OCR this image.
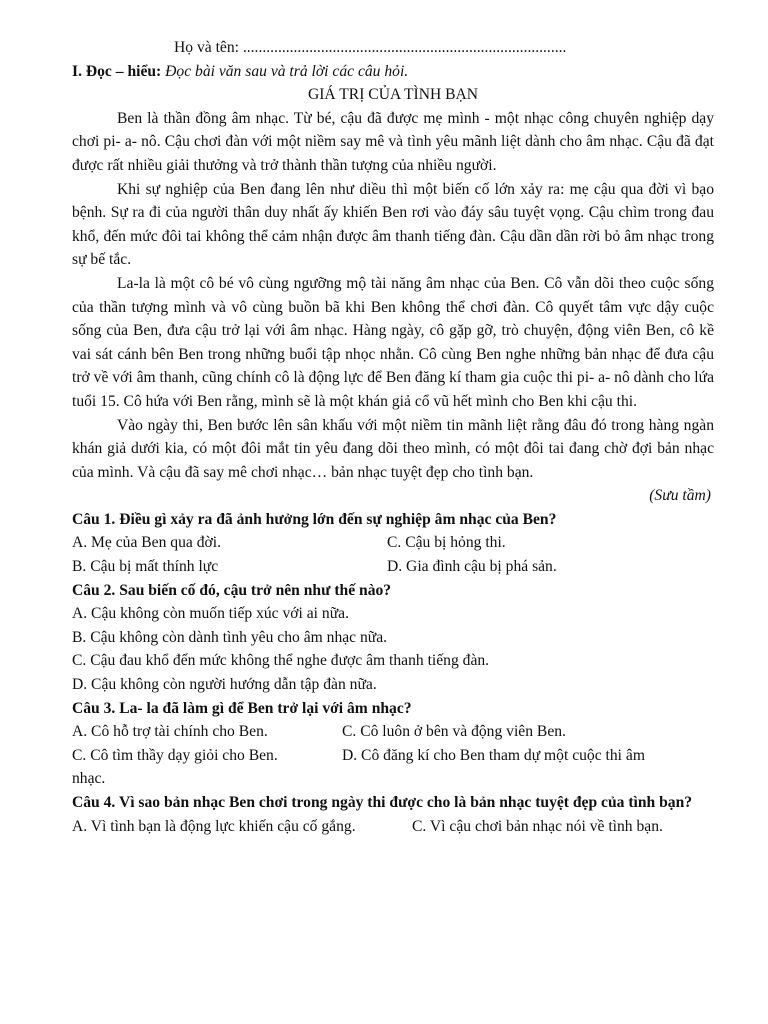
Họ và tên: ...................................................................................

I. Đọc – hiểu: Đọc bài văn sau và trả lời các câu hỏi.

GIÁ TRỊ CỦA TÌNH BẠN

Ben là thần đồng âm nhạc. Từ bé, cậu đã được mẹ mình - một nhạc công chuyên nghiệp dạy chơi pi- a- nô. Cậu chơi đàn với một niềm say mê và tình yêu mãnh liệt dành cho âm nhạc. Cậu đã đạt được rất nhiều giải thưởng và trở thành thần tượng của nhiều người.

Khi sự nghiệp của Ben đang lên như diều thì một biến cố lớn xảy ra: mẹ cậu qua đời vì bạo bệnh. Sự ra đi của người thân duy nhất ấy khiến Ben rơi vào đáy sâu tuyệt vọng. Cậu chìm trong đau khổ, đến mức đôi tai không thể cảm nhận được âm thanh tiếng đàn. Cậu dần dần rời bỏ âm nhạc trong sự bế tắc.

La-la là một cô bé vô cùng ngưỡng mộ tài năng âm nhạc của Ben. Cô vẫn dõi theo cuộc sống của thần tượng mình và vô cùng buồn bã khi Ben không thể chơi đàn. Cô quyết tâm vực dậy cuộc sống của Ben, đưa cậu trở lại với âm nhạc. Hàng ngày, cô gặp gỡ, trò chuyện, động viên Ben, cô kề vai sát cánh bên Ben trong những buổi tập nhọc nhằn. Cô cùng Ben nghe những bản nhạc để đưa cậu trở về với âm thanh, cũng chính cô là động lực để Ben đăng kí tham gia cuộc thi pi- a- nô dành cho lứa tuổi 15. Cô hứa với Ben rằng, mình sẽ là một khán giả cổ vũ hết mình cho Ben khi cậu thi.

Vào ngày thi, Ben bước lên sân khấu với một niềm tin mãnh liệt rằng đâu đó trong hàng ngàn khán giả dưới kia, có một đôi mắt tin yêu đang dõi theo mình, có một đôi tai đang chờ đợi bản nhạc của mình. Và cậu đã say mê chơi nhạc… bản nhạc tuyệt đẹp cho tình bạn.

(Sưu tầm)

Câu 1. Điều gì xảy ra đã ảnh hưởng lớn đến sự nghiệp âm nhạc của Ben?

A. Mẹ của Ben qua đời.	C. Cậu bị hỏng thi.
B. Cậu bị mất thính lực	D. Gia đình cậu bị phá sản.

Câu 2. Sau biến cố đó, cậu trở nên như thế nào?

A. Cậu không còn muốn tiếp xúc với ai nữa.

B. Cậu không còn dành tình yêu cho âm nhạc nữa.

C. Cậu đau khổ đến mức không thể nghe được âm thanh tiếng đàn.

D. Cậu không còn người hướng dẫn tập đàn nữa.

Câu 3. La- la đã làm gì để Ben trở lại với âm nhạc?

A. Cô hỗ trợ tài chính cho Ben.	C. Cô luôn ở bên và động viên Ben.
C. Cô tìm thầy dạy giỏi cho Ben.	D. Cô đăng kí cho Ben tham dự một cuộc thi âm

nhạc.

Câu 4. Vì sao bản nhạc Ben chơi trong ngày thi được cho là bản nhạc tuyệt đẹp của tình bạn?

A. Vì tình bạn là động lực khiến cậu cố gắng.	C. Vì cậu chơi bản nhạc nói về tình bạn.
